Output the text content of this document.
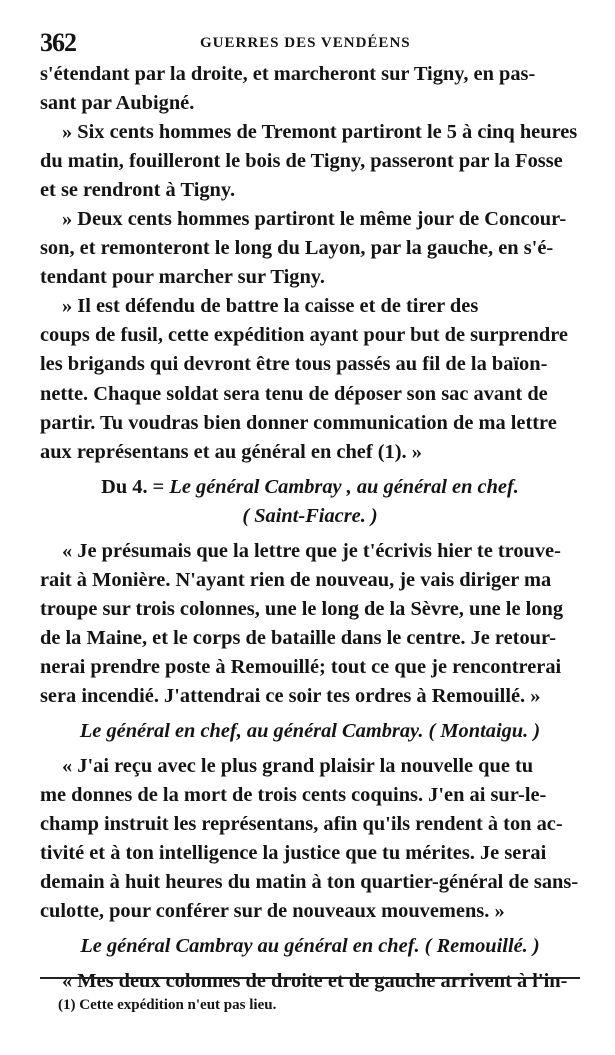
362	GUERRES DES VENDÉENS

s'étendant par la droite, et marcheront sur Tigny, en pas-
sant par Aubigné.

» Six cents hommes de Tremont partiront le 5 à cinq heures
du matin, fouilleront le bois de Tigny, passeront par la Fosse
et se rendront à Tigny.

» Deux cents hommes partiront le même jour de Concour-
son, et remonteront le long du Layon, par la gauche, en s'é-
tendant pour marcher sur Tigny.

» Il est défendu de battre la caisse et de tirer des
coups de fusil, cette expédition ayant pour but de surprendre
les brigands qui devront être tous passés au fil de la baïon-
nette. Chaque soldat sera tenu de déposer son sac avant de
partir. Tu voudras bien donner communication de ma lettre
aux représentans et au général en chef (1). »

Du 4. = Le général Cambray , au général en chef.

( Saint-Fiacre. )

« Je présumais que la lettre que je t'écrivis hier te trouve-
rait à Monière. N'ayant rien de nouveau, je vais diriger ma
troupe sur trois colonnes, une le long de la Sèvre, une le long
de la Maine, et le corps de bataille dans le centre. Je retour-
nerai prendre poste à Remouillé; tout ce que je rencontrerai
sera incendié. J'attendrai ce soir tes ordres à Remouillé. »

Le général en chef, au général Cambray. ( Montaigu. )

« J'ai reçu avec le plus grand plaisir la nouvelle que tu
me donnes de la mort de trois cents coquins. J'en ai sur-le-
champ instruit les représentans, afin qu'ils rendent à ton ac-
tivité et à ton intelligence la justice que tu mérites. Je serai
demain à huit heures du matin à ton quartier-général de sans-
culotte, pour conférer sur de nouveaux mouvemens. »

Le général Cambray au général en chef. ( Remouillé. )

« Mes deux colonnes de droite et de gauche arrivent à l'in-

(1) Cette expédition n'eut pas lieu.
